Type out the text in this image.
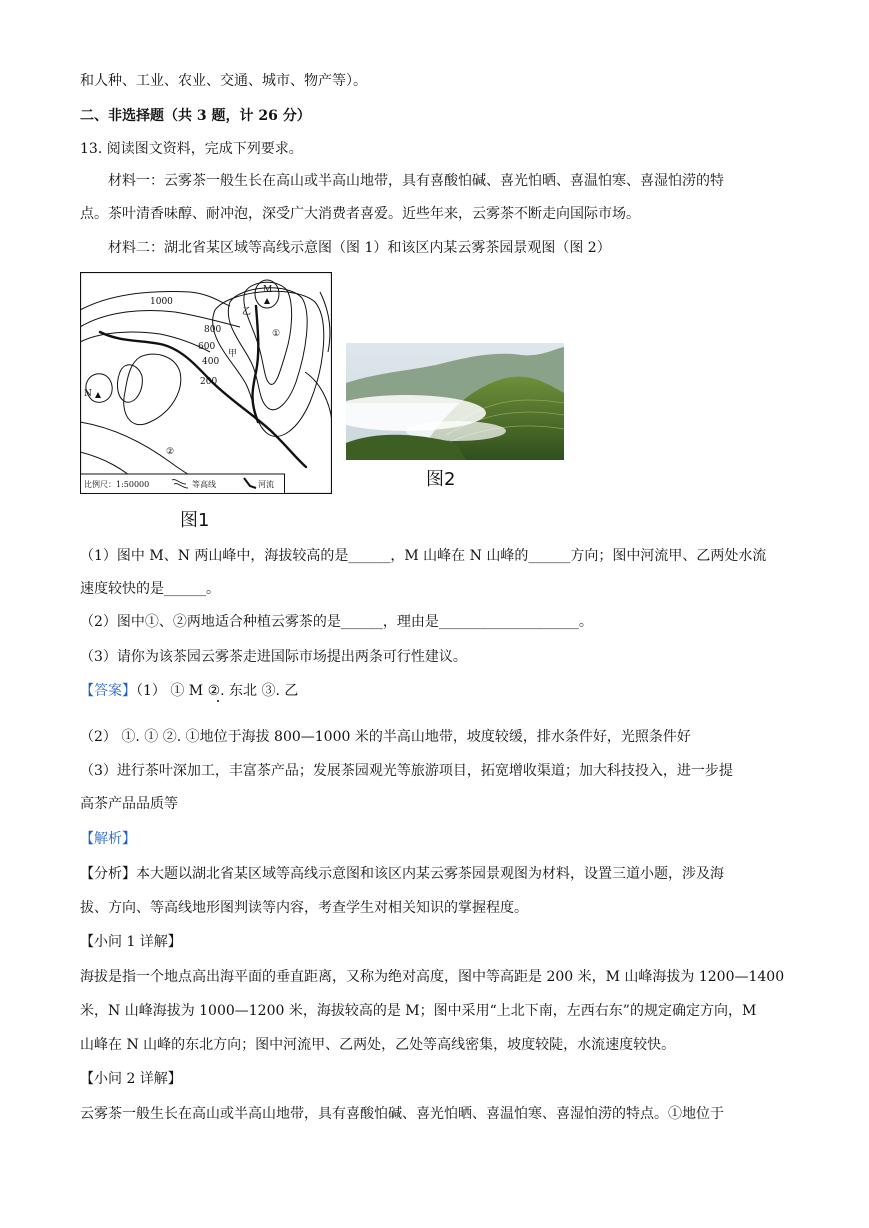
和人种、工业、农业、交通、城市、物产等）。
二、非选择题（共 3 题，计 26 分）
13. 阅读图文资料，完成下列要求。
材料一：云雾茶一般生长在高山或半高山地带，具有喜酸怕碱、喜光怕晒、喜温怕寒、喜湿怕涝的特
点。茶叶清香味醇、耐冲泡，深受广大消费者喜爱。近些年来，云雾茶不断走向国际市场。
材料二：湖北省某区域等高线示意图（图 1）和该区内某云雾茶园景观图（图 2）
1000
800
600
400
200
M
N
甲
乙
①
②
比例尺：1:50000	等高线	河流
图1
图2
（1）图中 M、N 两山峰中，海拔较高的是______，M 山峰在 N 山峰的______方向；图中河流甲、乙两处水流
速度较快的是______。
（2）图中①、②两地适合种植云雾茶的是______，理由是____________________。
（3）请你为该茶园云雾茶走进国际市场提出两条可行性建议。
【答案】（1） ① M ②. 东北 ③. 乙
（2） ①. ① ②. ①地位于海拔 800—1000 米的半高山地带，坡度较缓，排水条件好，光照条件好
（3）进行茶叶深加工，丰富茶产品；发展茶园观光等旅游项目，拓宽增收渠道；加大科技投入，进一步提
高茶产品品质等
【解析】
【分析】本大题以湖北省某区域等高线示意图和该区内某云雾茶园景观图为材料，设置三道小题，涉及海
拔、方向、等高线地形图判读等内容，考查学生对相关知识的掌握程度。
【小问 1 详解】
海拔是指一个地点高出海平面的垂直距离，又称为绝对高度，图中等高距是 200 米，M 山峰海拔为 1200—1400
米，N 山峰海拔为 1000—1200 米，海拔较高的是 M；图中采用“上北下南，左西右东”的规定确定方向，M
山峰在 N 山峰的东北方向；图中河流甲、乙两处，乙处等高线密集，坡度较陡，水流速度较快。
【小问 2 详解】
云雾茶一般生长在高山或半高山地带，具有喜酸怕碱、喜光怕晒、喜温怕寒、喜湿怕涝的特点。①地位于
